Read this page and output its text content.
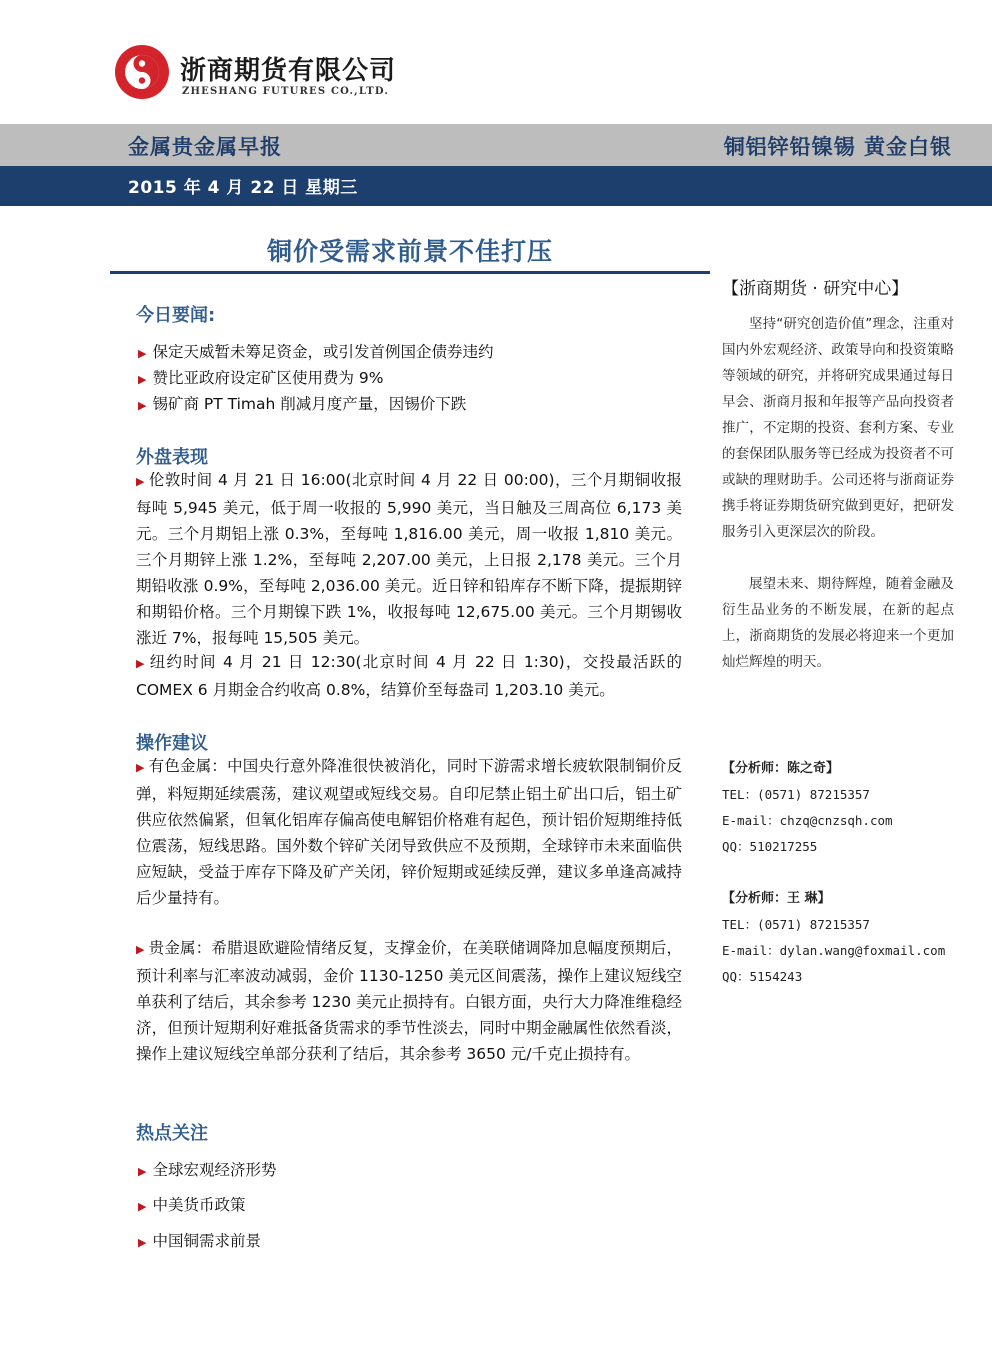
浙商期货有限公司
ZHESHANG FUTURES CO.,LTD.
金属贵金属早报	铜铝锌铅镍锡 黄金白银
2015 年 4 月 22 日 星期三
铜价受需求前景不佳打压
今日要闻:
▶ 保定天威暂未筹足资金，或引发首例国企债券违约
▶ 赞比亚政府设定矿区使用费为 9%
▶ 锡矿商 PT Timah 削减月度产量，因锡价下跌
外盘表现
▶ 伦敦时间 4 月 21 日 16:00(北京时间 4 月 22 日 00:00)，三个月期铜收报每吨 5,945 美元，低于周一收报的 5,990 美元，当日触及三周高位 6,173 美元。三个月期铝上涨 0.3%，至每吨 1,816.00 美元，周一收报 1,810 美元。三个月期锌上涨 1.2%，至每吨 2,207.00 美元，上日报 2,178 美元。三个月期铅收涨 0.9%，至每吨 2,036.00 美元。近日锌和铅库存不断下降，提振期锌和期铅价格。三个月期镍下跌 1%，收报每吨 12,675.00 美元。三个月期锡收涨近 7%，报每吨 15,505 美元。
▶ 纽约时间 4 月 21 日 12:30(北京时间 4 月 22 日 1:30)，交投最活跃的 COMEX 6 月期金合约收高 0.8%，结算价至每盎司 1,203.10 美元。
操作建议
▶ 有色金属：中国央行意外降准很快被消化，同时下游需求增长疲软限制铜价反弹，料短期延续震荡，建议观望或短线交易。自印尼禁止铝土矿出口后，铝土矿供应依然偏紧，但氧化铝库存偏高使电解铝价格难有起色，预计铝价短期维持低位震荡，短线思路。国外数个锌矿关闭导致供应不及预期，全球锌市未来面临供应短缺，受益于库存下降及矿产关闭，锌价短期或延续反弹，建议多单逢高减持后少量持有。
▶ 贵金属：希腊退欧避险情绪反复，支撑金价，在美联储调降加息幅度预期后，预计利率与汇率波动减弱，金价 1130-1250 美元区间震荡，操作上建议短线空单获利了结后，其余参考 1230 美元止损持有。白银方面，央行大力降准维稳经济，但预计短期利好难抵备货需求的季节性淡去，同时中期金融属性依然看淡，操作上建议短线空单部分获利了结后，其余参考 3650 元/千克止损持有。
热点关注
▶ 全球宏观经济形势
▶ 中美货币政策
▶ 中国铜需求前景
【浙商期货 · 研究中心】
坚持“研究创造价值”理念，注重对国内外宏观经济、政策导向和投资策略等领域的研究，并将研究成果通过每日早会、浙商月报和年报等产品向投资者推广，不定期的投资、套利方案、专业的套保团队服务等已经成为投资者不可或缺的理财助手。公司还将与浙商证券携手将证券期货研究做到更好，把研发服务引入更深层次的阶段。
展望未来、期待辉煌，随着金融及衍生品业务的不断发展，在新的起点上，浙商期货的发展必将迎来一个更加灿烂辉煌的明天。
【分析师：陈之奇】
TEL：(0571) 87215357
E-mail：chzq@cnzsqh.com
QQ：510217255
【分析师：王 琳】
TEL：(0571) 87215357
E-mail：dylan.wang@foxmail.com
QQ：5154243
